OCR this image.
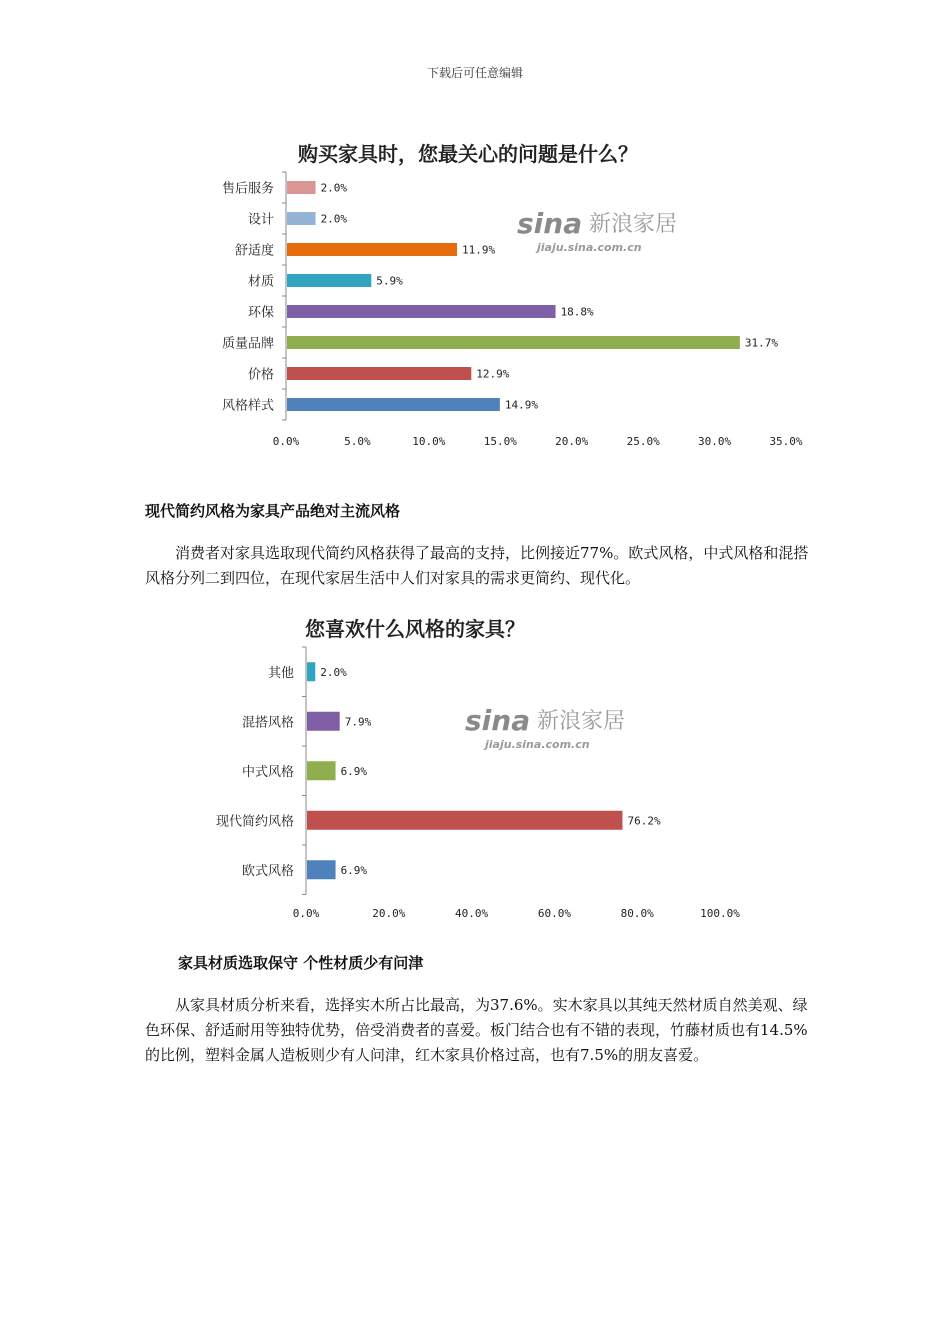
下载后可任意编辑
购买家具时，您最关心的问题是什么？
售后服务	2.0%
设计	2.0%
舒适度	11.9%
材质	5.9%
环保	18.8%
质量品牌	31.7%
价格	12.9%
风格样式	14.9%
0.0%	5.0%	10.0%	15.0%	20.0%	25.0%	30.0%	35.0%
sina 新浪家居
jiaju.sina.com.cn
现代简约风格为家具产品绝对主流风格
消费者对家具选取现代简约风格获得了最高的支持，比例接近77%。欧式风格，中式风格和混搭风格分列二到四位，在现代家居生活中人们对家具的需求更简约、现代化。
您喜欢什么风格的家具？
其他 2.0%
混搭风格	7.9%
中式风格	6.9%
现代简约风格	76.2%
欧式风格	6.9%
0.0%	20.0%	40.0%	60.0%	80.0%	100.0%
sina 新浪家居
jiaju.sina.com.cn
家具材质选取保守 个性材质少有问津
从家具材质分析来看，选择实木所占比最高，为37.6%。实木家具以其纯天然材质自然美观、绿色环保、舒适耐用等独特优势，倍受消费者的喜爱。板门结合也有不错的表现，竹藤材质也有14.5%的比例，塑料金属人造板则少有人问津，红木家具价格过高，也有7.5%的朋友喜爱。
